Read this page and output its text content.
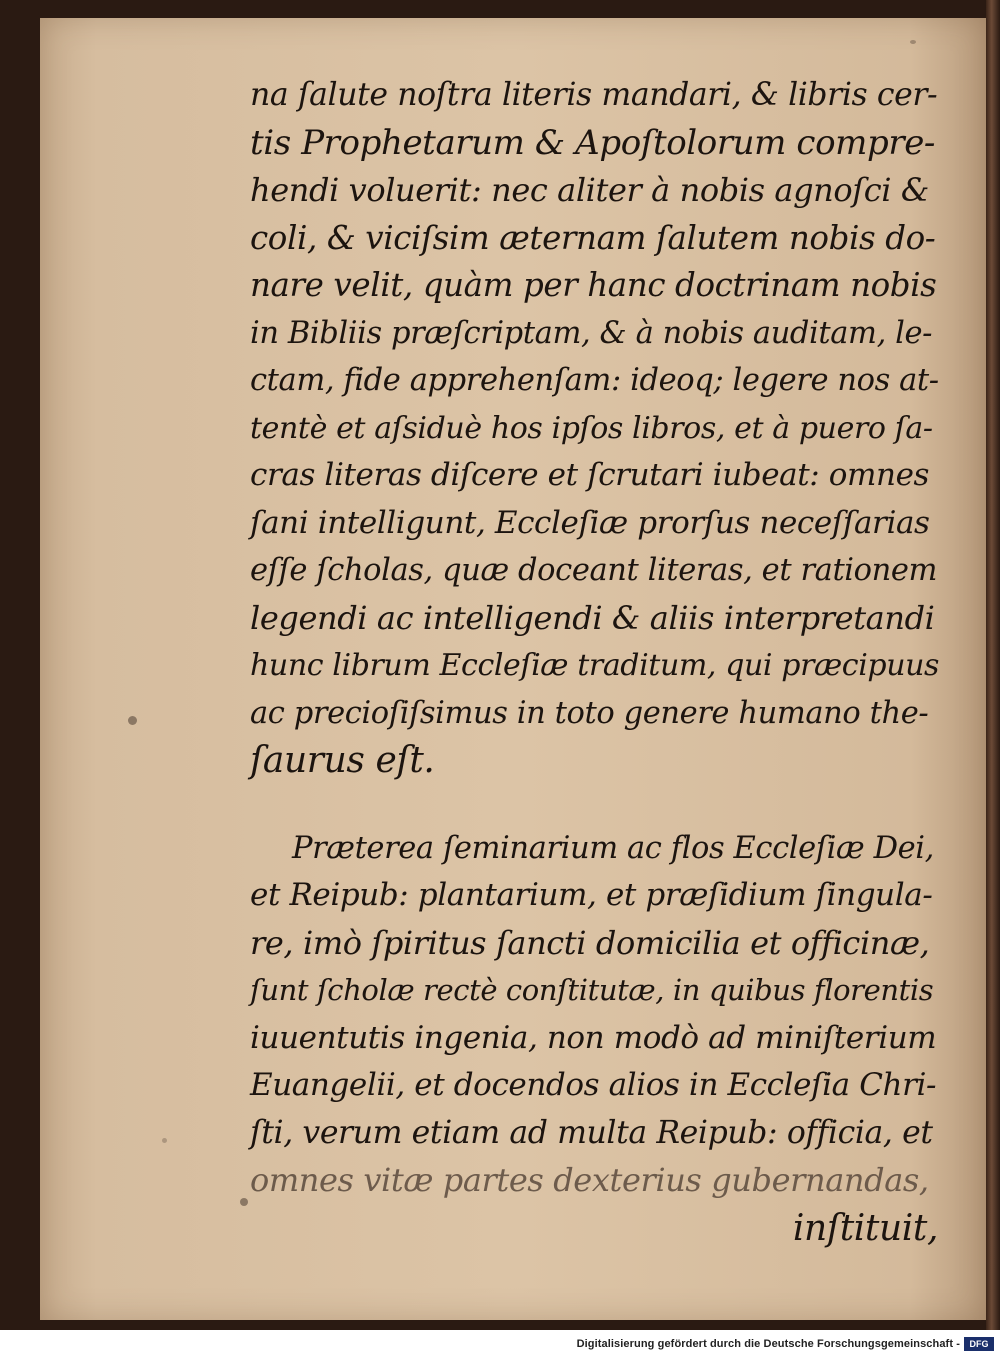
na ſalute noſtra literis mandari, & libris cer-
tis Prophetarum & Apoſtolorum compre-
hendi voluerit: nec aliter à nobis agnoſci &
coli, & viciſsim æternam ſalutem nobis do-
nare velit, quàm per hanc doctrinam nobis
in Bibliis præſcriptam, & à nobis auditam, le-
ctam, fide apprehenſam: ideoq; legere nos at-
tentè et aſsiduè hos ipſos libros, et à puero ſa-
cras literas diſcere et ſcrutari iubeat: omnes
ſani intelligunt, Eccleſiæ prorſus neceſſarias
eſſe ſcholas, quæ doceant literas, et rationem
legendi ac intelligendi & aliis interpretandi
hunc librum Eccleſiæ traditum, qui præcipuus
ac precioſiſsimus in toto genere humano the-
ſaurus eſt.
Præterea ſeminarium ac flos Eccleſiæ Dei,
et Reipub: plantarium, et præſidium ſingula-
re, imò ſpiritus ſancti domicilia et officinæ,
ſunt ſcholæ rectè conſtitutæ, in quibus florentis
iuuentutis ingenia, non modò ad miniſterium
Euangelii, et docendos alios in Eccleſia Chri-
ſti, verum etiam ad multa Reipub: officia, et
omnes vitæ partes dexterius gubernandas,
inſtituit,
Digitalisierung gefördert durch die Deutsche Forschungsgemeinschaft -	DFG
